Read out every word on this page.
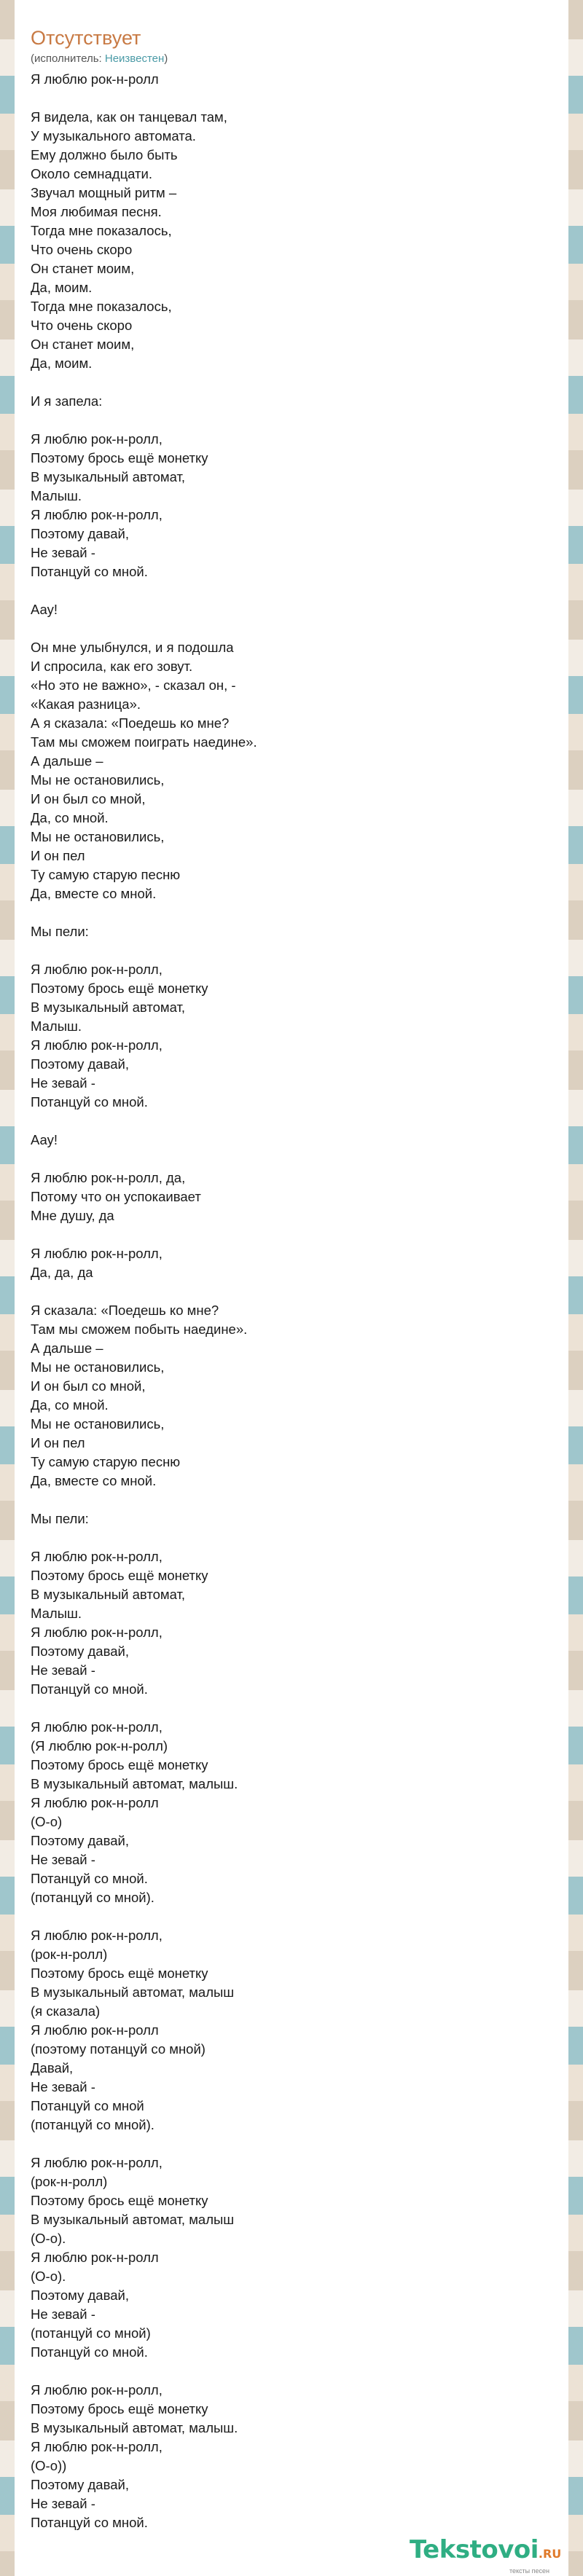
Отсутствует
(исполнитель: Неизвестен)
Я люблю рок-н-ролл

Я видела, как он танцевал там,
У музыкального автомата.
Ему должно было быть
Около семнадцати.
Звучал мощный ритм –
Моя любимая песня.
Тогда мне показалось,
Что очень скоро
Он станет моим,
Да, моим.
Тогда мне показалось,
Что очень скоро
Он станет моим,
Да, моим.

И я запела:

Я люблю рок-н-ролл,
Поэтому брось ещё монетку
В музыкальный автомат,
Малыш.
Я люблю рок-н-ролл,
Поэтому давай,
Не зевай -
Потанцуй со мной.

Аау!

Он мне улыбнулся, и я подошла
И спросила, как его зовут.
«Но это не важно», - сказал он, -
«Какая разница».
А я сказала: «Поедешь ко мне?
Там мы сможем поиграть наедине».
А дальше –
Мы не остановились,
И он был со мной,
Да, со мной.
Мы не остановились,
И он пел
Ту самую старую песню
Да, вместе со мной.

Мы пели:

Я люблю рок-н-ролл,
Поэтому брось ещё монетку
В музыкальный автомат,
Малыш.
Я люблю рок-н-ролл,
Поэтому давай,
Не зевай -
Потанцуй со мной.

Аау!

Я люблю рок-н-ролл, да,
Потому что он успокаивает
Мне душу, да

Я люблю рок-н-ролл,
Да, да, да

Я сказала: «Поедешь ко мне?
Там мы сможем побыть наедине».
А дальше –
Мы не остановились,
И он был со мной,
Да, со мной.
Мы не остановились,
И он пел
Ту самую старую песню
Да, вместе со мной.

Мы пели:

Я люблю рок-н-ролл,
Поэтому брось ещё монетку
В музыкальный автомат,
Малыш.
Я люблю рок-н-ролл,
Поэтому давай,
Не зевай -
Потанцуй со мной.

Я люблю рок-н-ролл,
(Я люблю рок-н-ролл)
Поэтому брось ещё монетку
В музыкальный автомат, малыш.
Я люблю рок-н-ролл
(О-о)
Поэтому давай,
Не зевай -
Потанцуй со мной.
(потанцуй со мной).

Я люблю рок-н-ролл,
(рок-н-ролл)
Поэтому брось ещё монетку
В музыкальный автомат, малыш
(я сказала)
Я люблю рок-н-ролл
(поэтому потанцуй со мной)
Давай,
Не зевай -
Потанцуй со мной
(потанцуй со мной).

Я люблю рок-н-ролл,
(рок-н-ролл)
Поэтому брось ещё монетку
В музыкальный автомат, малыш
(О-о).
Я люблю рок-н-ролл
(О-о).
Поэтому давай,
Не зевай -
(потанцуй со мной)
Потанцуй со мной.

Я люблю рок-н-ролл,
Поэтому брось ещё монетку
В музыкальный автомат, малыш.
Я люблю рок-н-ролл,
(О-о))
Поэтому давай,
Не зевай -
Потанцуй со мной.
Tekstovoi.RU
тексты песен
